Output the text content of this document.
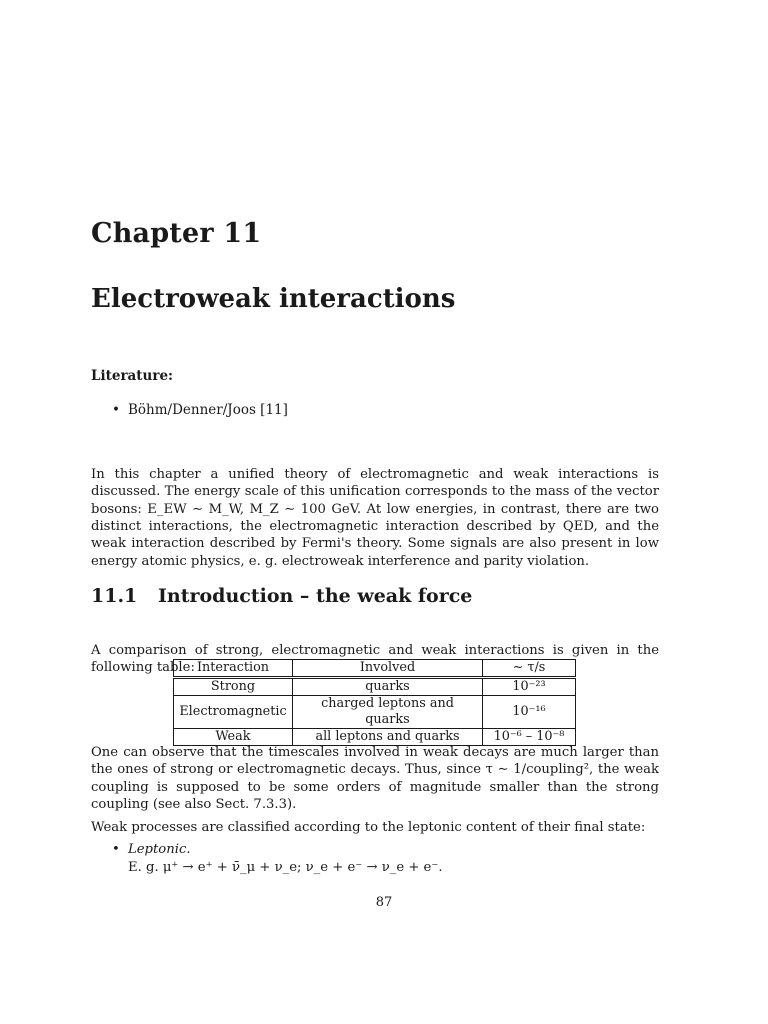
Chapter 11
Electroweak interactions
Literature:
• Böhm/Denner/Joos [11]

In this chapter a unified theory of electromagnetic and weak interactions is discussed. The energy scale of this unification corresponds to the mass of the vector bosons: E_EW ∼ M_W, M_Z ∼ 100 GeV. At low energies, in contrast, there are two distinct interactions, the electromagnetic interaction described by QED, and the weak interaction described by Fermi's theory. Some signals are also present in low energy atomic physics, e. g. electroweak interference and parity violation.

11.1 Introduction – the weak force

A comparison of strong, electromagnetic and weak interactions is given in the following table: Interaction	Involved	∼ τ/s
Strong	quarks	10⁻²³
Electromagnetic	charged leptons and quarks	10⁻¹⁶
Weak	all leptons and quarks	10⁻⁶ – 10⁻⁸

One can observe that the timescales involved in weak decays are much larger than the ones of strong or electromagnetic decays. Thus, since τ ∼ 1/coupling², the weak coupling is supposed to be some orders of magnitude smaller than the strong coupling (see also Sect. 7.3.3).

Weak processes are classified according to the leptonic content of their final state:

• Leptonic.
E. g. μ⁺ → e⁺ + ν̄_μ + ν_e; ν_e + e⁻ → ν_e + e⁻.
87
